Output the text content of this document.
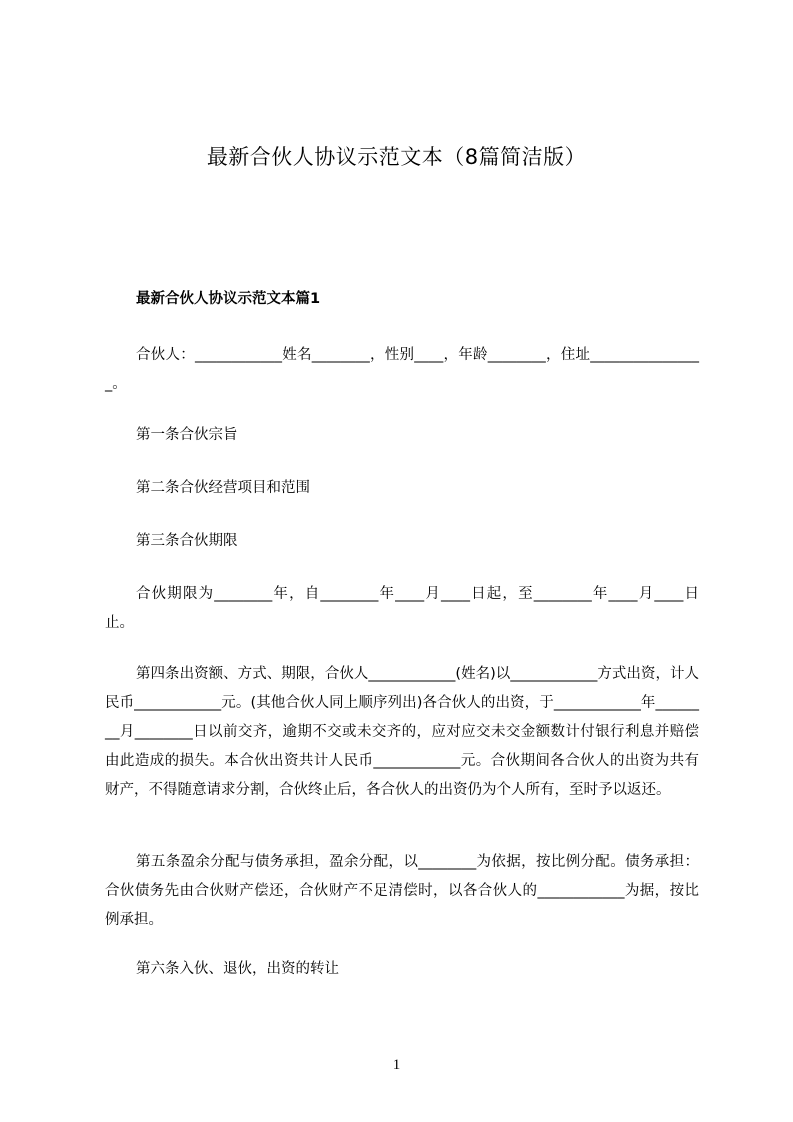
最新合伙人协议示范文本（8篇简洁版）
最新合伙人协议示范文本篇1

合伙人：____________姓名________，性别____，年龄________，住址________________。

第一条合伙宗旨

第二条合伙经营项目和范围

第三条合伙期限

合伙期限为________年，自________年____月____日起，至________年____月____日止。

第四条出资额、方式、期限，合伙人____________(姓名)以____________方式出资，计人民币____________元。(其他合伙人同上顺序列出)各合伙人的出资，于____________年________月________日以前交齐，逾期不交或未交齐的，应对应交未交金额数计付银行利息并赔偿由此造成的损失。本合伙出资共计人民币____________元。合伙期间各合伙人的出资为共有财产，不得随意请求分割，合伙终止后，各合伙人的出资仍为个人所有，至时予以返还。

第五条盈余分配与债务承担，盈余分配，以________为依据，按比例分配。债务承担：合伙债务先由合伙财产偿还，合伙财产不足清偿时，以各合伙人的____________为据，按比例承担。

第六条入伙、退伙，出资的转让

1
